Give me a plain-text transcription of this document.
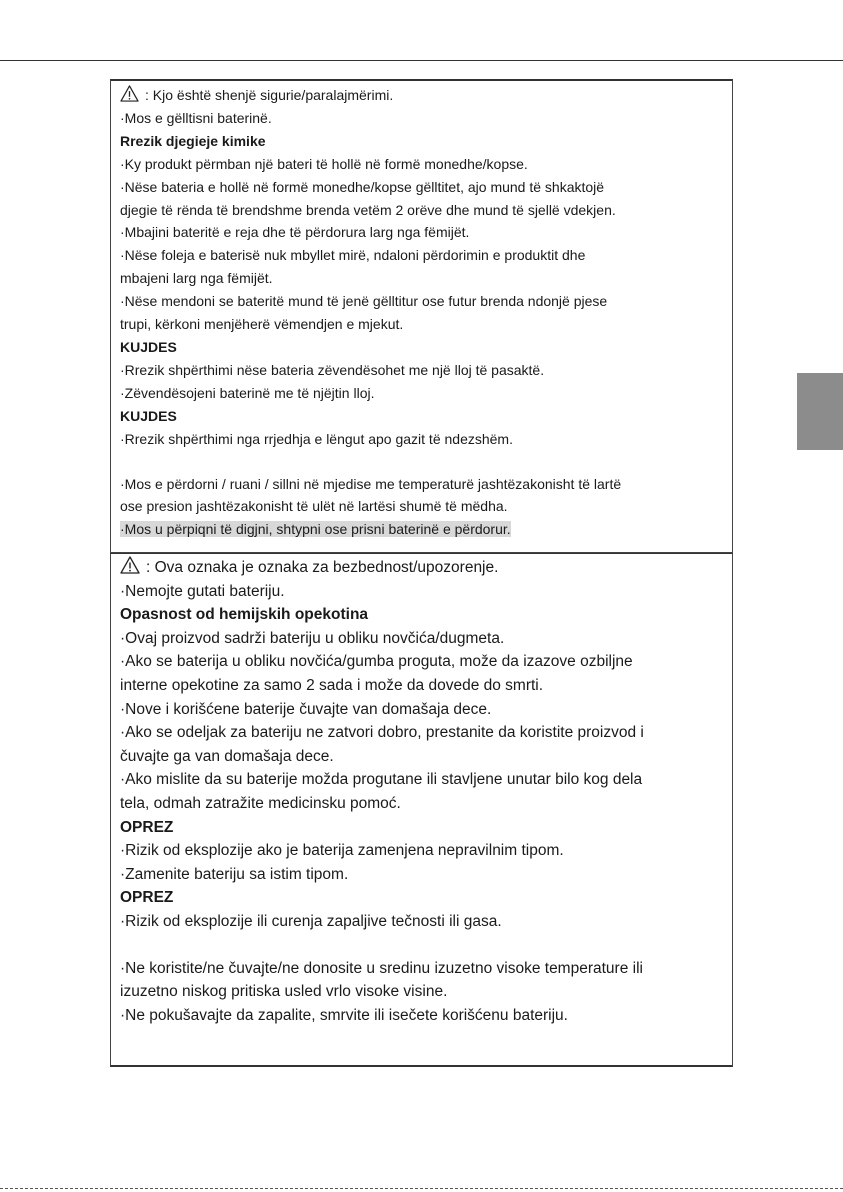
: Kjo është shenjë sigurie/paralajmërimi.
·Mos e gëlltisni baterinë.
Rrezik djegieje kimike
·Ky produkt përmban një bateri të hollë në formë monedhe/kopse.
·Nëse bateria e hollë në formë monedhe/kopse gëlltitet, ajo mund të shkaktojë
djegie të rënda të brendshme brenda vetëm 2 orëve dhe mund të sjellë vdekjen.
·Mbajini bateritë e reja dhe të përdorura larg nga fëmijët.
·Nëse foleja e baterisë nuk mbyllet mirë, ndaloni përdorimin e produktit dhe
mbajeni larg nga fëmijët.
·Nëse mendoni se bateritë mund të jenë gëlltitur ose futur brenda ndonjë pjese
trupi, kërkoni menjëherë vëmendjen e mjekut.
KUJDES
·Rrezik shpërthimi nëse bateria zëvendësohet me një lloj të pasaktë.
·Zëvendësojeni baterinë me të njëjtin lloj.
KUJDES
·Rrezik shpërthimi nga rrjedhja e lëngut apo gazit të ndezshëm.
·Mos e përdorni / ruani / sillni në mjedise me temperaturë jashtëzakonisht të lartë
ose presion jashtëzakonisht të ulët në lartësi shumë të mëdha.
·Mos u përpiqni të digjni, shtypni ose prisni baterinë e përdorur.
: Ova oznaka je oznaka za bezbednost/upozorenje.
·Nemojte gutati bateriju.
Opasnost od hemijskih opekotina
·Ovaj proizvod sadrži bateriju u obliku novčića/dugmeta.
·Ako se baterija u obliku novčića/gumba proguta, može da izazove ozbiljne
interne opekotine za samo 2 sada i može da dovede do smrti.
·Nove i korišćene baterije čuvajte van domašaja dece.
·Ako se odeljak za bateriju ne zatvori dobro, prestanite da koristite proizvod i
čuvajte ga van domašaja dece.
·Ako mislite da su baterije možda progutane ili stavljene unutar bilo kog dela
tela, odmah zatražite medicinsku pomoć.
OPREZ
·Rizik od eksplozije ako je baterija zamenjena nepravilnim tipom.
·Zamenite bateriju sa istim tipom.
OPREZ
·Rizik od eksplozije ili curenja zapaljive tečnosti ili gasa.
·Ne koristite/ne čuvajte/ne donosite u sredinu izuzetno visoke temperature ili
izuzetno niskog pritiska usled vrlo visoke visine.
·Ne pokušavajte da zapalite, smrvite ili isečete korišćenu bateriju.
